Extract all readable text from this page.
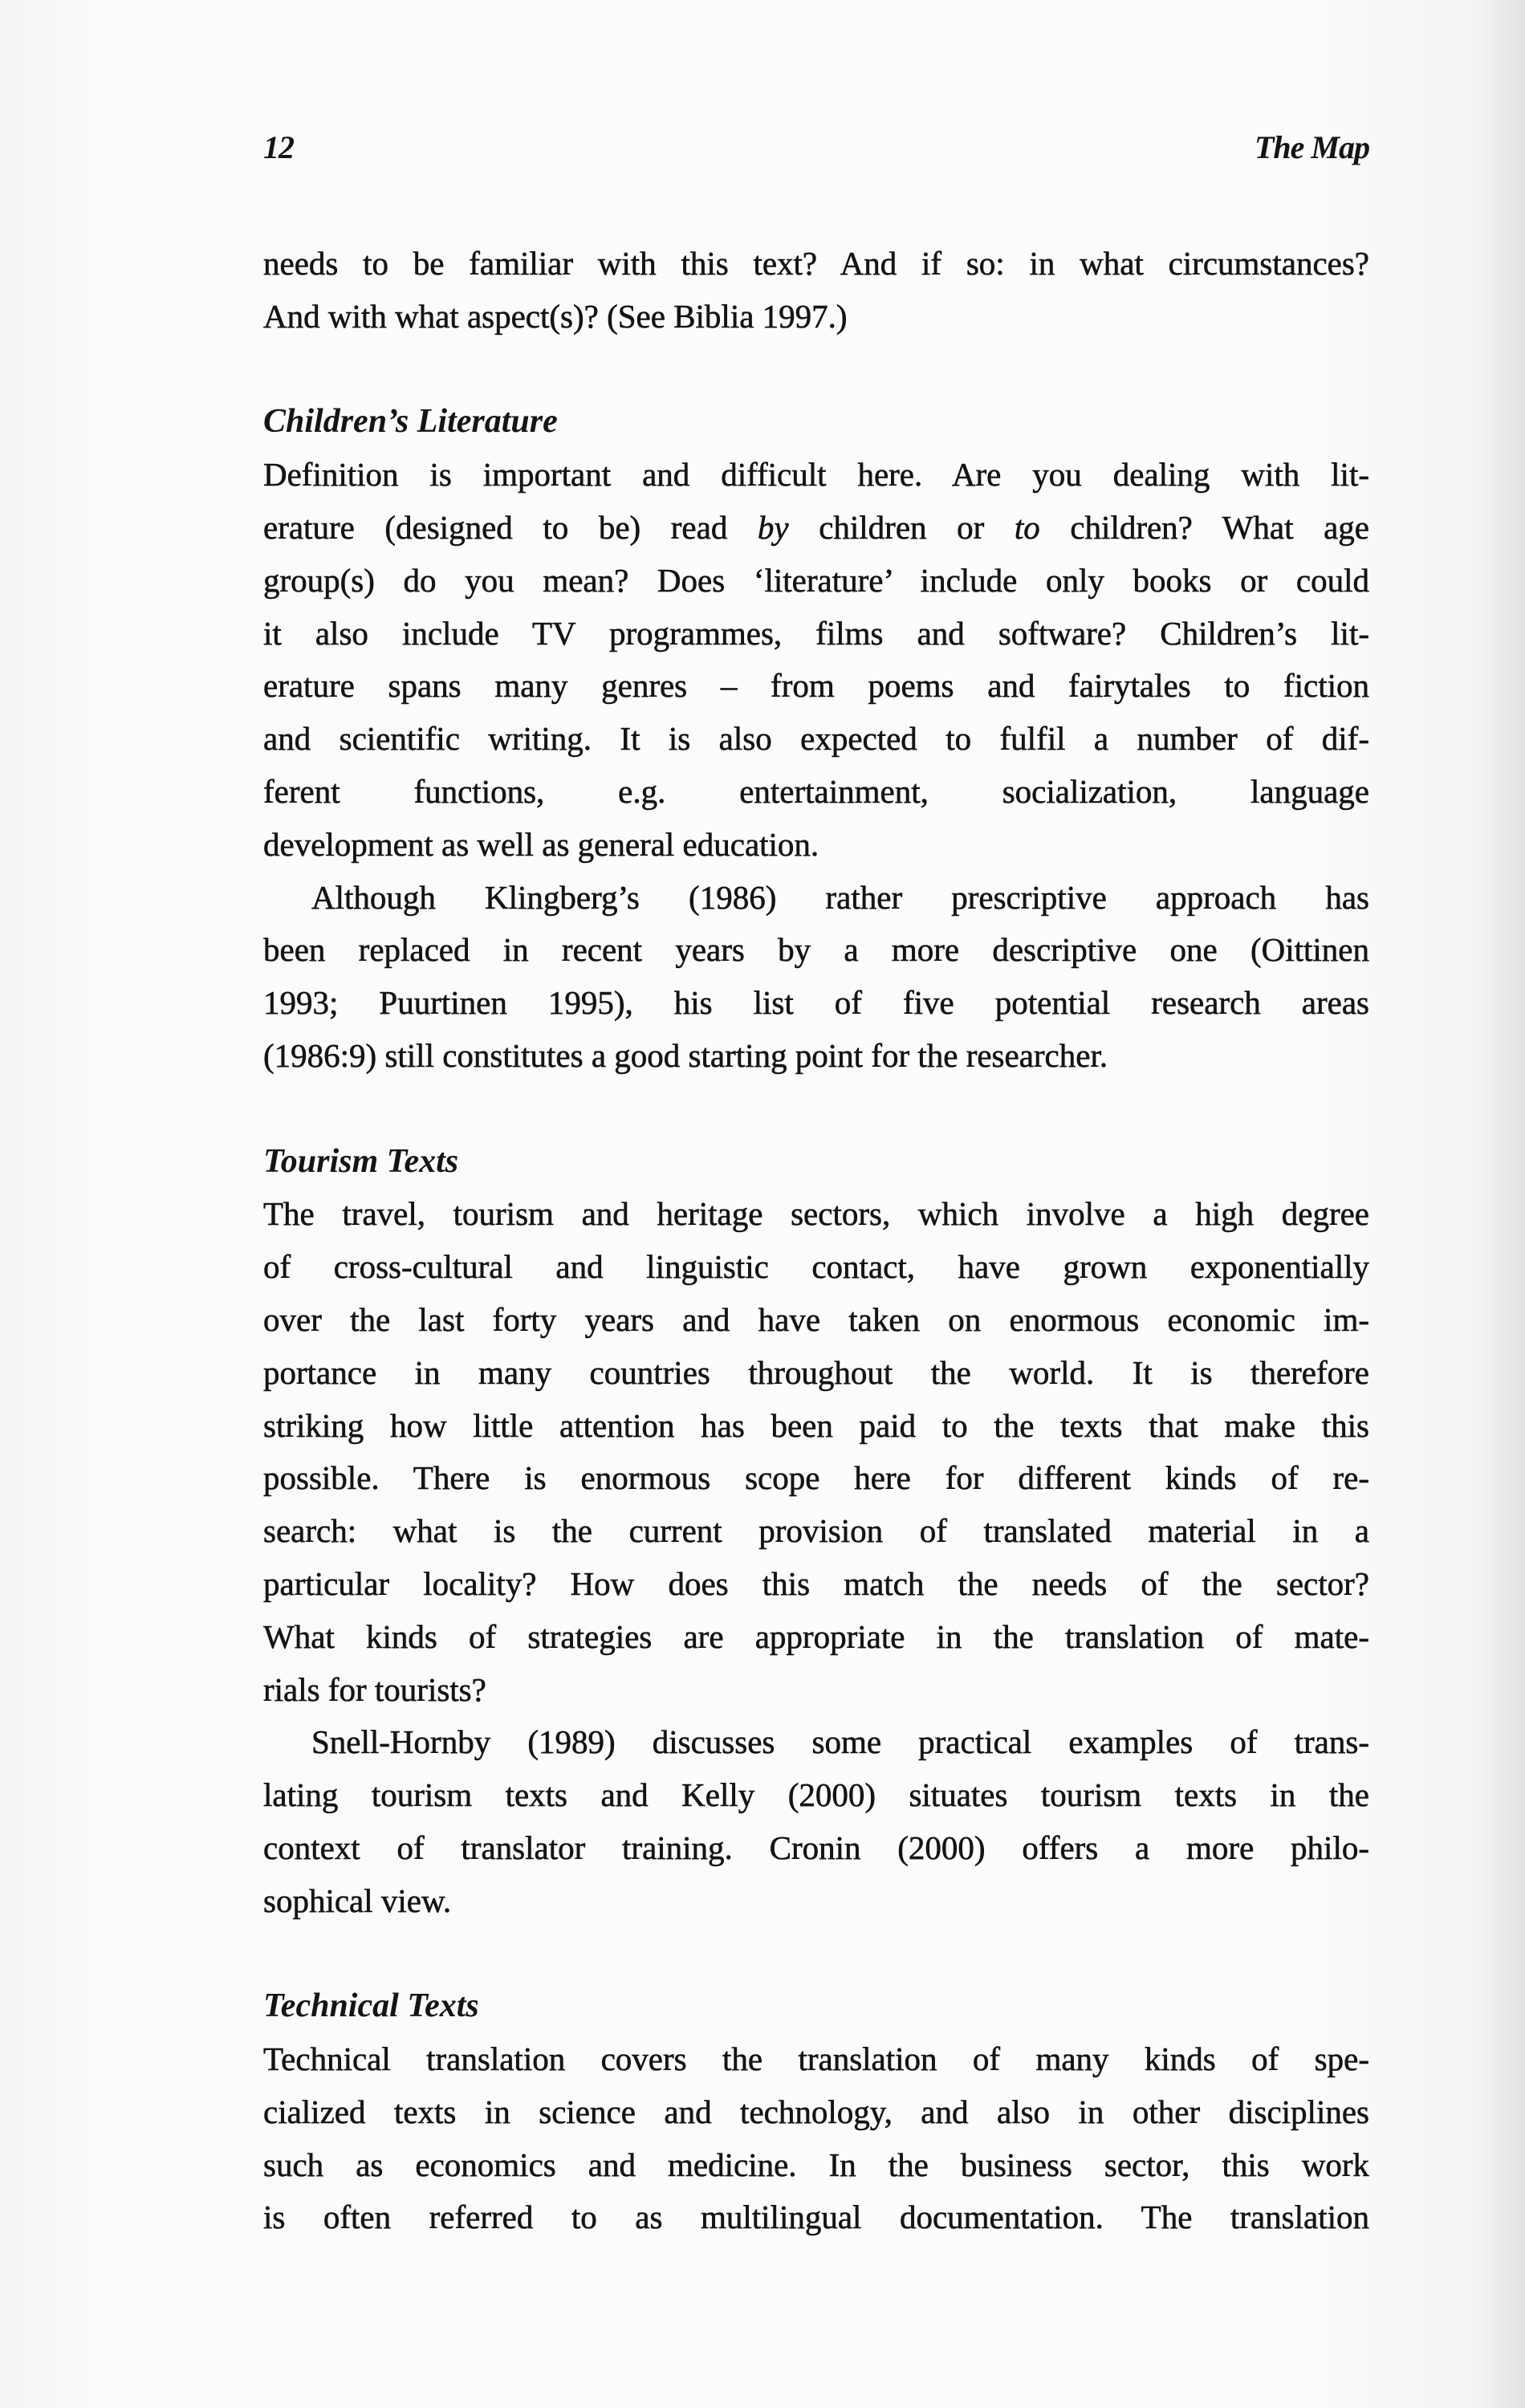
12	The Map
needs to be familiar with this text? And if so: in what circumstances?
And with what aspect(s)? (See Biblia 1997.)
Children’s Literature
Definition is important and difficult here. Are you dealing with lit-
erature (designed to be) read by children or to children? What age
group(s) do you mean? Does ‘literature’ include only books or could
it also include TV programmes, films and software? Children’s lit-
erature spans many genres – from poems and fairytales to fiction
and scientific writing. It is also expected to fulfil a number of dif-
ferent functions, e.g. entertainment, socialization, language
development as well as general education.
Although Klingberg’s (1986) rather prescriptive approach has
been replaced in recent years by a more descriptive one (Oittinen
1993; Puurtinen 1995), his list of five potential research areas
(1986:9) still constitutes a good starting point for the researcher.
Tourism Texts
The travel, tourism and heritage sectors, which involve a high degree
of cross-cultural and linguistic contact, have grown exponentially
over the last forty years and have taken on enormous economic im-
portance in many countries throughout the world. It is therefore
striking how little attention has been paid to the texts that make this
possible. There is enormous scope here for different kinds of re-
search: what is the current provision of translated material in a
particular locality? How does this match the needs of the sector?
What kinds of strategies are appropriate in the translation of mate-
rials for tourists?
Snell-Hornby (1989) discusses some practical examples of trans-
lating tourism texts and Kelly (2000) situates tourism texts in the
context of translator training. Cronin (2000) offers a more philo-
sophical view.
Technical Texts
Technical translation covers the translation of many kinds of spe-
cialized texts in science and technology, and also in other disciplines
such as economics and medicine. In the business sector, this work
is often referred to as multilingual documentation. The translation
